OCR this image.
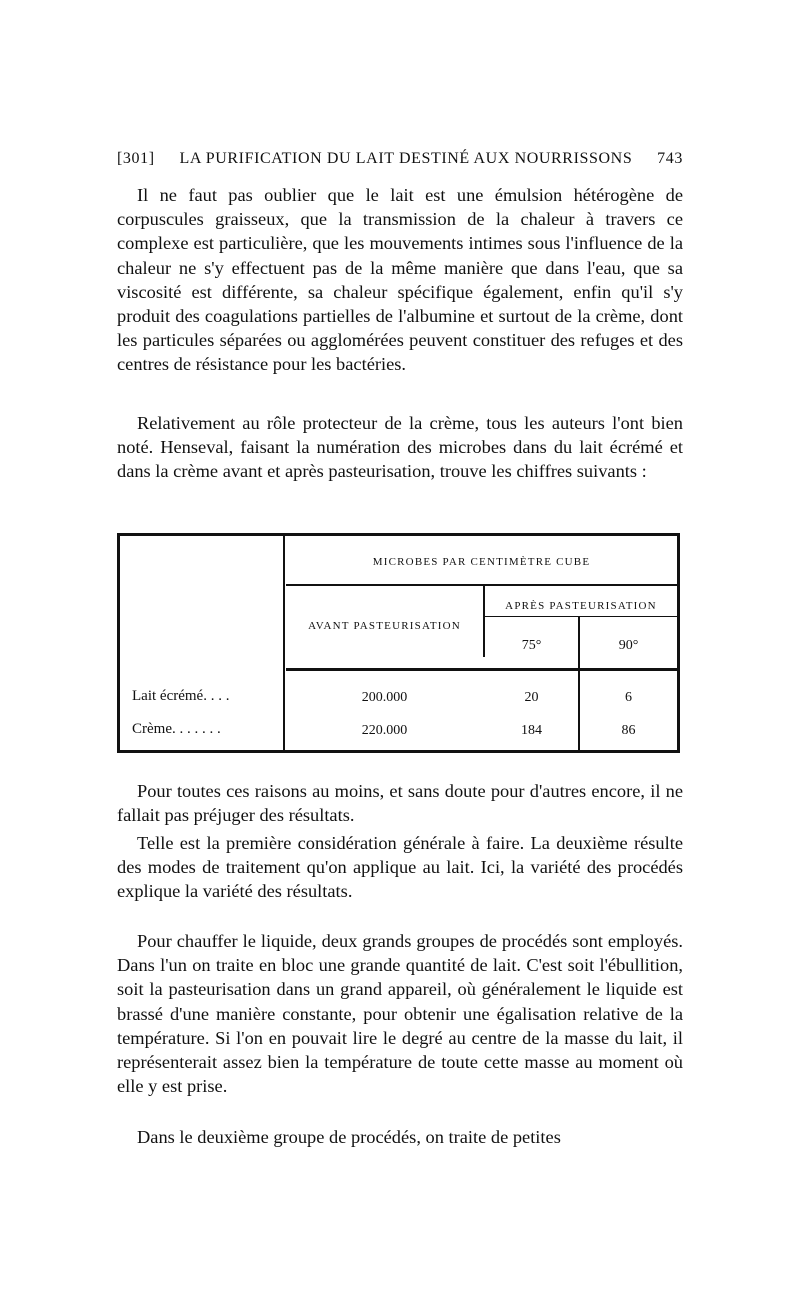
[301] LA PURIFICATION DU LAIT DESTINÉ AUX NOURRISSONS 743

Il ne faut pas oublier que le lait est une émulsion hétérogène de corpuscules graisseux, que la transmission de la chaleur à travers ce complexe est particulière, que les mouvements intimes sous l'influence de la chaleur ne s'y effectuent pas de la même manière que dans l'eau, que sa viscosité est différente, sa chaleur spécifique également, enfin qu'il s'y produit des coagulations partielles de l'albumine et surtout de la crème, dont les particules séparées ou agglomérées peuvent constituer des refuges et des centres de résistance pour les bactéries.

Relativement au rôle protecteur de la crème, tous les auteurs l'ont bien noté. Henseval, faisant la numération des microbes dans du lait écrémé et dans la crème avant et après pasteurisation, trouve les chiffres suivants :

MICROBES PAR CENTIMÈTRE CUBE
AVANT PASTEURISATION
APRÈS PASTEURISATION
75°	90°
Lait écrémé. . . .	200.000	20	6
Crème. . . . . . .	220.000	184	86

Pour toutes ces raisons au moins, et sans doute pour d'autres encore, il ne fallait pas préjuger des résultats.

Telle est la première considération générale à faire. La deuxième résulte des modes de traitement qu'on applique au lait. Ici, la variété des procédés explique la variété des résultats.

Pour chauffer le liquide, deux grands groupes de procédés sont employés. Dans l'un on traite en bloc une grande quantité de lait. C'est soit l'ébullition, soit la pasteurisation dans un grand appareil, où généralement le liquide est brassé d'une manière constante, pour obtenir une égalisation relative de la température. Si l'on en pouvait lire le degré au centre de la masse du lait, il représenterait assez bien la température de toute cette masse au moment où elle y est prise.

Dans le deuxième groupe de procédés, on traite de petites
